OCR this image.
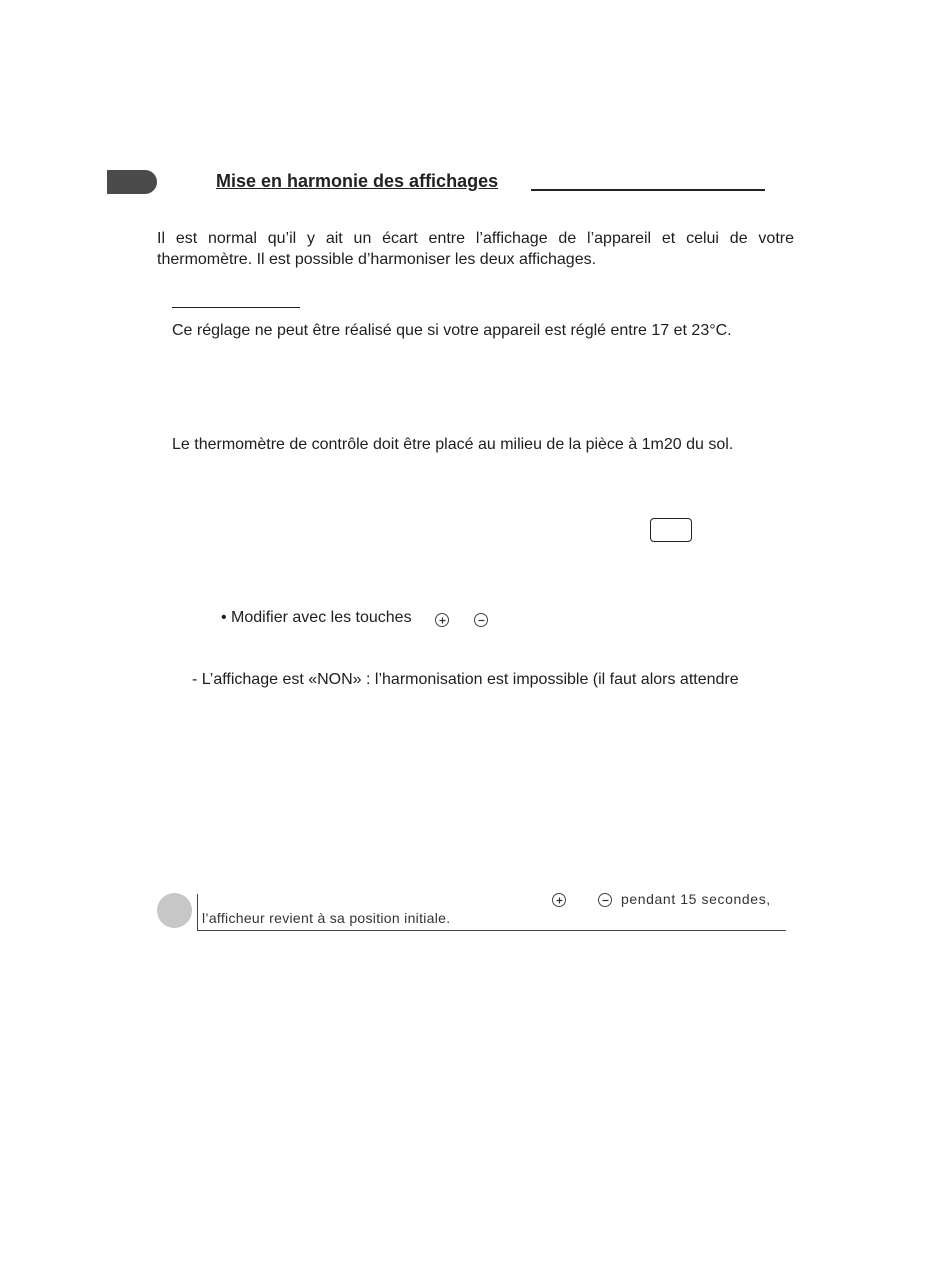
Mise en harmonie des affichages
Il est normal qu’il y ait un écart entre l’affichage de l’appareil et celui de votre thermomètre. Il est possible d’harmoniser les deux affichages.
Ce réglage ne peut être réalisé que si votre appareil est réglé entre 17 et 23°C.
Le thermomètre de contrôle doit être placé au milieu de la pièce à 1m20 du sol.
• Modifier avec les touches
- L’affichage est «NON» : l’harmonisation est impossible (il faut alors attendre
pendant 15 secondes,
l’afficheur revient à sa position initiale.
